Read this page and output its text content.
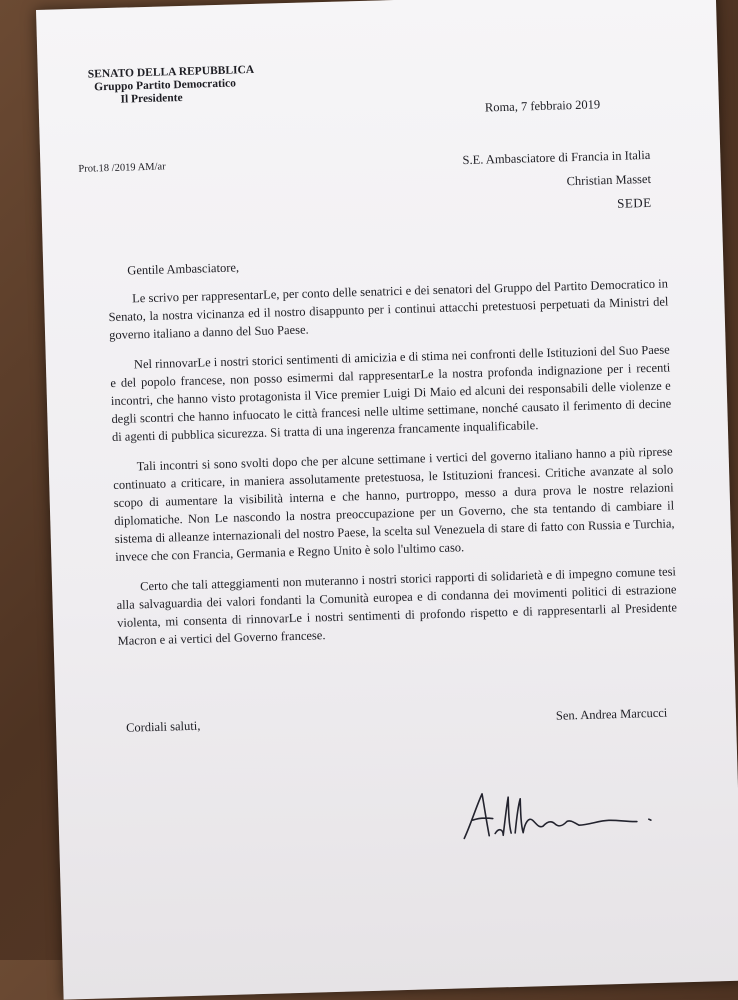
SENATO DELLA REPUBBLICA
Gruppo Partito Democratico
Il Presidente	Roma, 7 febbraio 2019
Prot.18 /2019 AM/ar
S.E. Ambasciatore di Francia in Italia
Christian Masset
SEDE
Gentile Ambasciatore,

Le scrivo per rappresentarLe, per conto delle senatrici e dei senatori del Gruppo del Partito Democratico in Senato, la nostra vicinanza ed il nostro disappunto per i continui attacchi pretestuosi perpetuati da Ministri del governo italiano a danno del Suo Paese.

Nel rinnovarLe i nostri storici sentimenti di amicizia e di stima nei confronti delle Istituzioni del Suo Paese e del popolo francese, non posso esimermi dal rappresentarLe la nostra profonda indignazione per i recenti incontri, che hanno visto protagonista il Vice premier Luigi Di Maio ed alcuni dei responsabili delle violenze e degli scontri che hanno infuocato le città francesi nelle ultime settimane, nonché causato il ferimento di decine di agenti di pubblica sicurezza. Si tratta di una ingerenza francamente inqualificabile.

Tali incontri si sono svolti dopo che per alcune settimane i vertici del governo italiano hanno a più riprese continuato a criticare, in maniera assolutamente pretestuosa, le Istituzioni francesi. Critiche avanzate al solo scopo di aumentare la visibilità interna e che hanno, purtroppo, messo a dura prova le nostre relazioni diplomatiche. Non Le nascondo la nostra preoccupazione per un Governo, che sta tentando di cambiare il sistema di alleanze internazionali del nostro Paese, la scelta sul Venezuela di stare di fatto con Russia e Turchia, invece che con Francia, Germania e Regno Unito è solo l'ultimo caso.

Certo che tali atteggiamenti non muteranno i nostri storici rapporti di solidarietà e di impegno comune tesi alla salvaguardia dei valori fondanti la Comunità europea e di condanna dei movimenti politici di estrazione violenta, mi consenta di rinnovarLe i nostri sentimenti di profondo rispetto e di rappresentarli al Presidente Macron e ai vertici del Governo francese.

Cordiali saluti,
Sen. Andrea Marcucci
